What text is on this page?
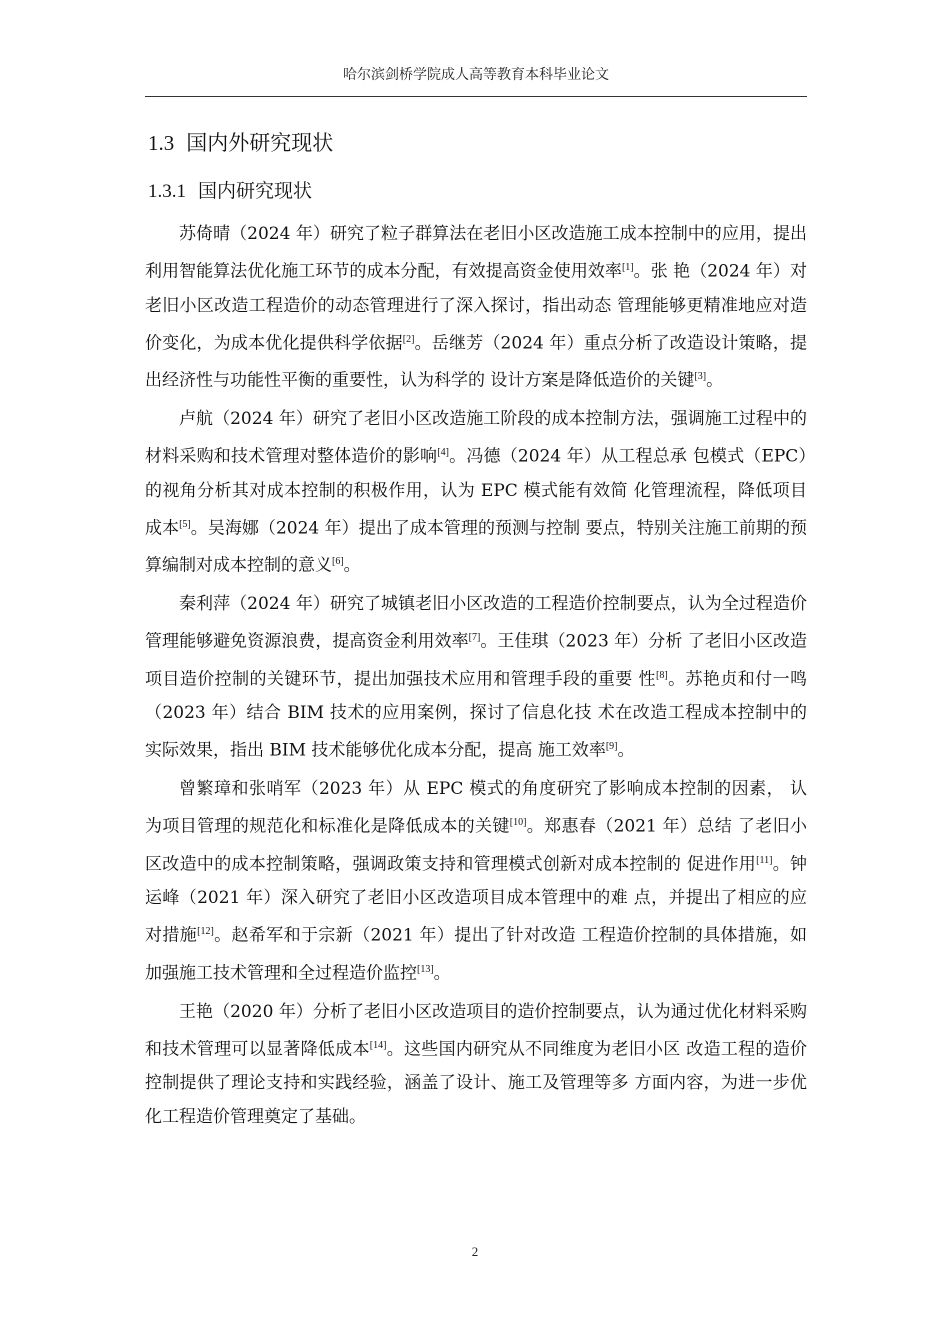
哈尔滨剑桥学院成人高等教育本科毕业论文
1.3 国内外研究现状
1.3.1 国内研究现状

苏倚晴（2024 年）研究了粒子群算法在老旧小区改造施工成本控制中的应用，提出利用智能算法优化施工环节的成本分配，有效提高资金使用效率[1]。张 艳（2024 年）对老旧小区改造工程造价的动态管理进行了深入探讨，指出动态 管理能够更精准地应对造价变化，为成本优化提供科学依据[2]。岳继芳（2024 年）重点分析了改造设计策略，提出经济性与功能性平衡的重要性，认为科学的 设计方案是降低造价的关键[3]。

卢航（2024 年）研究了老旧小区改造施工阶段的成本控制方法，强调施工过程中的材料采购和技术管理对整体造价的影响[4]。冯德（2024 年）从工程总承 包模式（EPC）的视角分析其对成本控制的积极作用，认为 EPC 模式能有效简 化管理流程，降低项目成本[5]。吴海娜（2024 年）提出了成本管理的预测与控制 要点，特别关注施工前期的预算编制对成本控制的意义[6]。

秦利萍（2024 年）研究了城镇老旧小区改造的工程造价控制要点，认为全过程造价管理能够避免资源浪费，提高资金利用效率[7]。王佳琪（2023 年）分析 了老旧小区改造项目造价控制的关键环节，提出加强技术应用和管理手段的重要 性[8]。苏艳贞和付一鸣（2023 年）结合 BIM 技术的应用案例，探讨了信息化技 术在改造工程成本控制中的实际效果，指出 BIM 技术能够优化成本分配，提高 施工效率[9]。

曾繁璋和张哨军（2023 年）从 EPC 模式的角度研究了影响成本控制的因素， 认为项目管理的规范化和标准化是降低成本的关键[10]。郑惠春（2021 年）总结 了老旧小区改造中的成本控制策略，强调政策支持和管理模式创新对成本控制的 促进作用[11]。钟运峰（2021 年）深入研究了老旧小区改造项目成本管理中的难 点，并提出了相应的应对措施[12]。赵希军和于宗新（2021 年）提出了针对改造 工程造价控制的具体措施，如加强施工技术管理和全过程造价监控[13]。

王艳（2020 年）分析了老旧小区改造项目的造价控制要点，认为通过优化材料采购和技术管理可以显著降低成本[14]。这些国内研究从不同维度为老旧小区 改造工程的造价控制提供了理论支持和实践经验，涵盖了设计、施工及管理等多 方面内容，为进一步优化工程造价管理奠定了基础。

2
